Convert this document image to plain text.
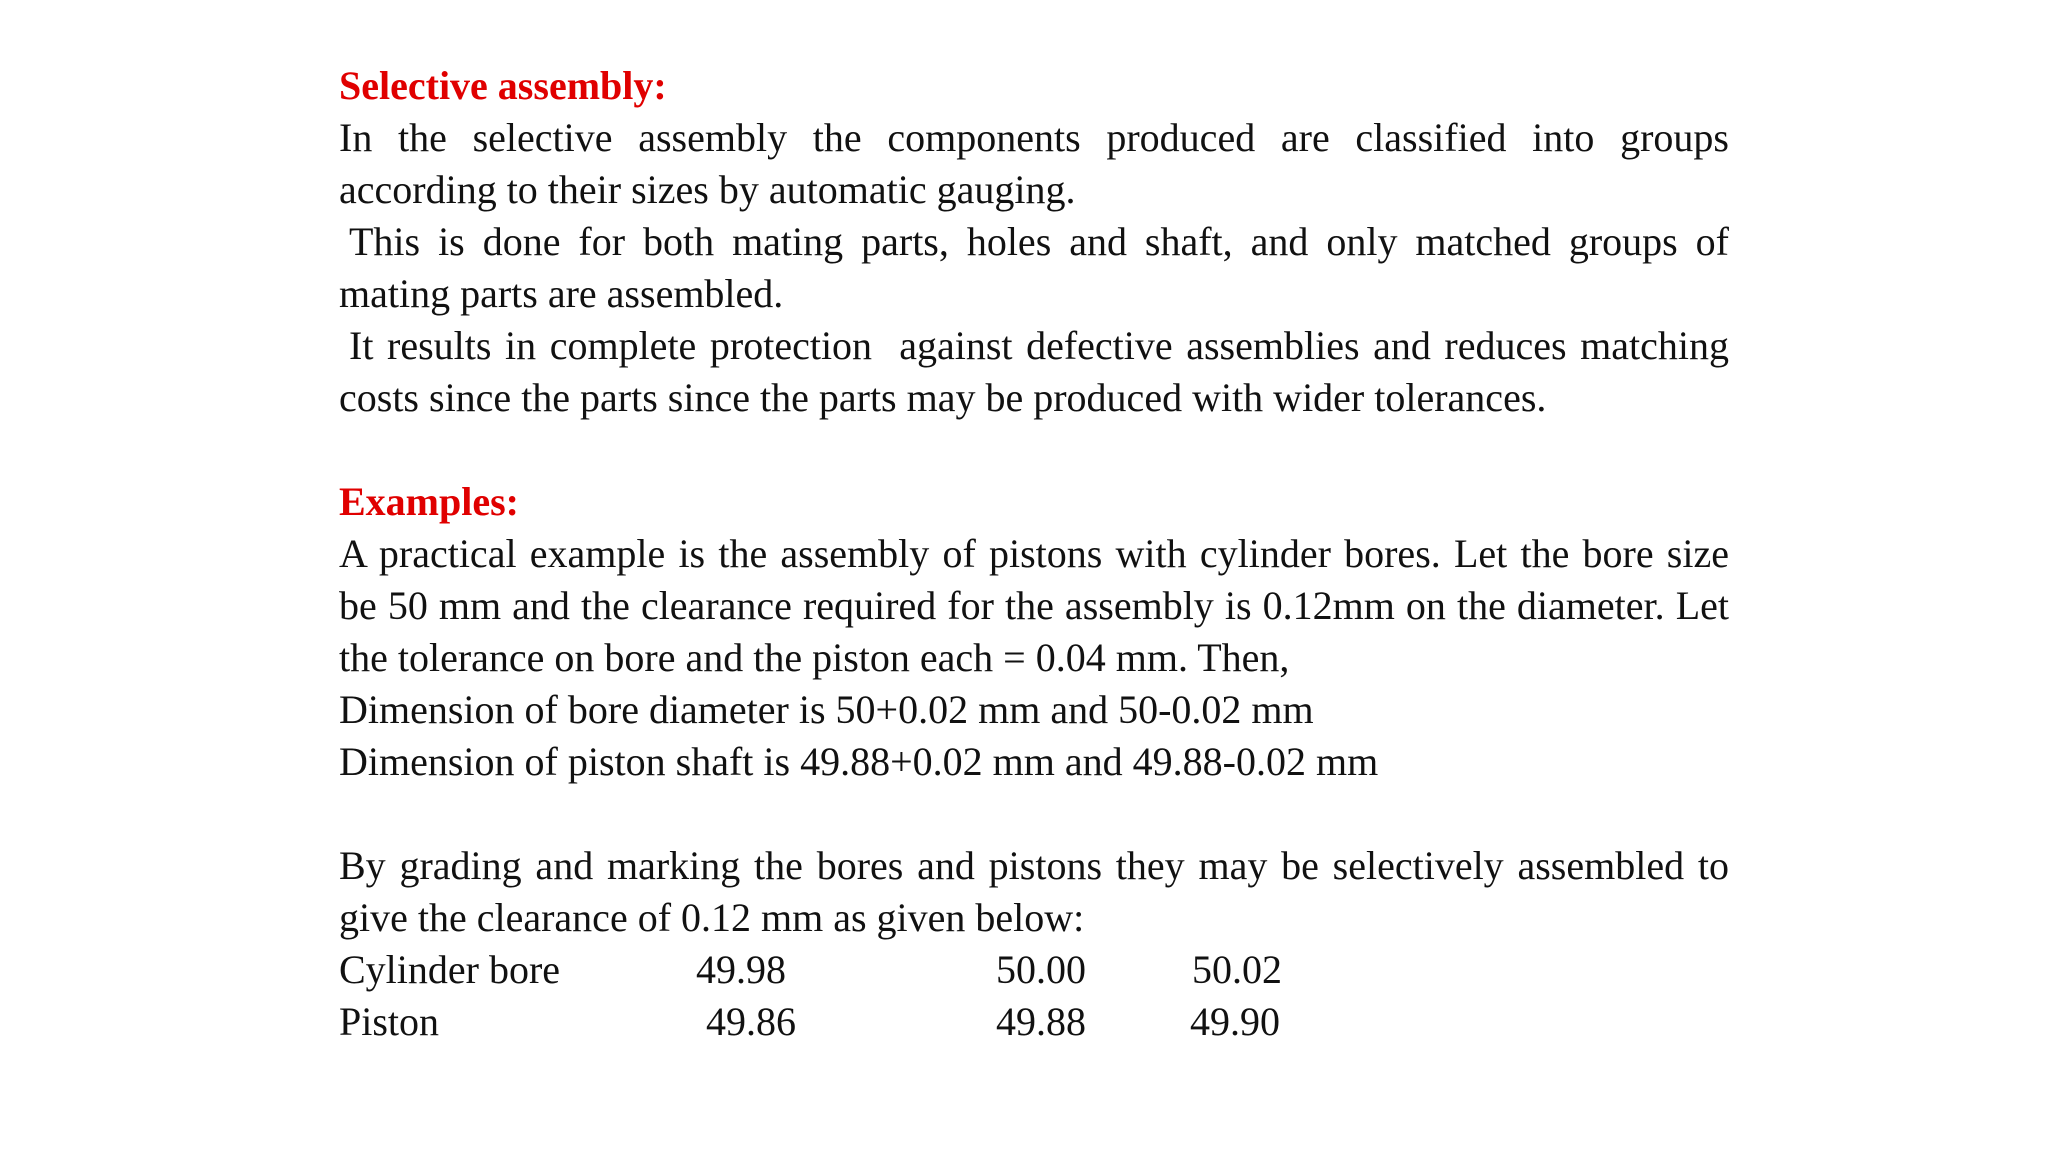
Selective assembly:

In the selective assembly the components produced are classified into groups according to their sizes by automatic gauging.

This is done for both mating parts, holes and shaft, and only matched groups of mating parts are assembled.

It results in complete protection  against defective assemblies and reduces matching costs since the parts since the parts may be produced with wider tolerances.

Examples:

A practical example is the assembly of pistons with cylinder bores. Let the bore size be 50 mm and the clearance required for the assembly is 0.12mm on the diameter. Let the tolerance on bore and the piston each = 0.04 mm. Then,

Dimension of bore diameter is 50+0.02 mm and 50-0.02 mm

Dimension of piston shaft is 49.88+0.02 mm and 49.88-0.02 mm

By grading and marking the bores and pistons they may be selectively assembled to give the clearance of 0.12 mm as given below:

Cylinder bore	49.98	50.00	50.02
Piston	49.86	49.88	49.90
